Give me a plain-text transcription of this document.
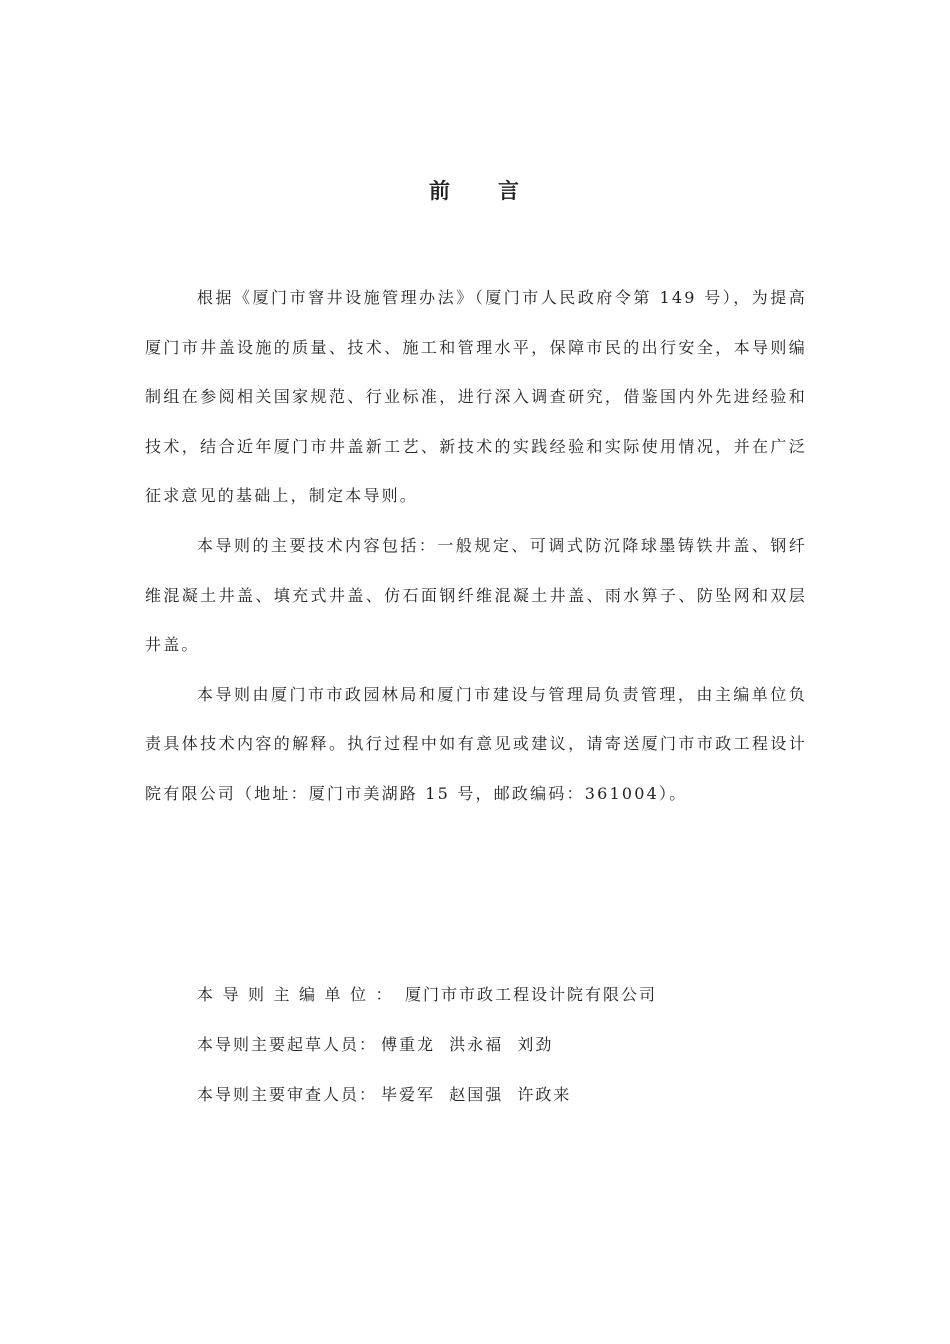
前 言

根据《厦门市窨井设施管理办法》（厦门市人民政府令第 149 号），为提高厦门市井盖设施的质量、技术、施工和管理水平，保障市民的出行安全，本导则编制组在参阅相关国家规范、行业标准，进行深入调查研究，借鉴国内外先进经验和技术，结合近年厦门市井盖新工艺、新技术的实践经验和实际使用情况，并在广泛征求意见的基础上，制定本导则。

本导则的主要技术内容包括：一般规定、可调式防沉降球墨铸铁井盖、钢纤维混凝土井盖、填充式井盖、仿石面钢纤维混凝土井盖、雨水箅子、防坠网和双层井盖。

本导则由厦门市市政园林局和厦门市建设与管理局负责管理，由主编单位负责具体技术内容的解释。执行过程中如有意见或建议，请寄送厦门市市政工程设计院有限公司（地址：厦门市美湖路 15 号，邮政编码：361004）。

本导则主编单位： 厦门市市政工程设计院有限公司
本导则主要起草人员： 傅重龙  洪永福  刘劲
本导则主要审查人员： 毕爱军  赵国强  许政来
